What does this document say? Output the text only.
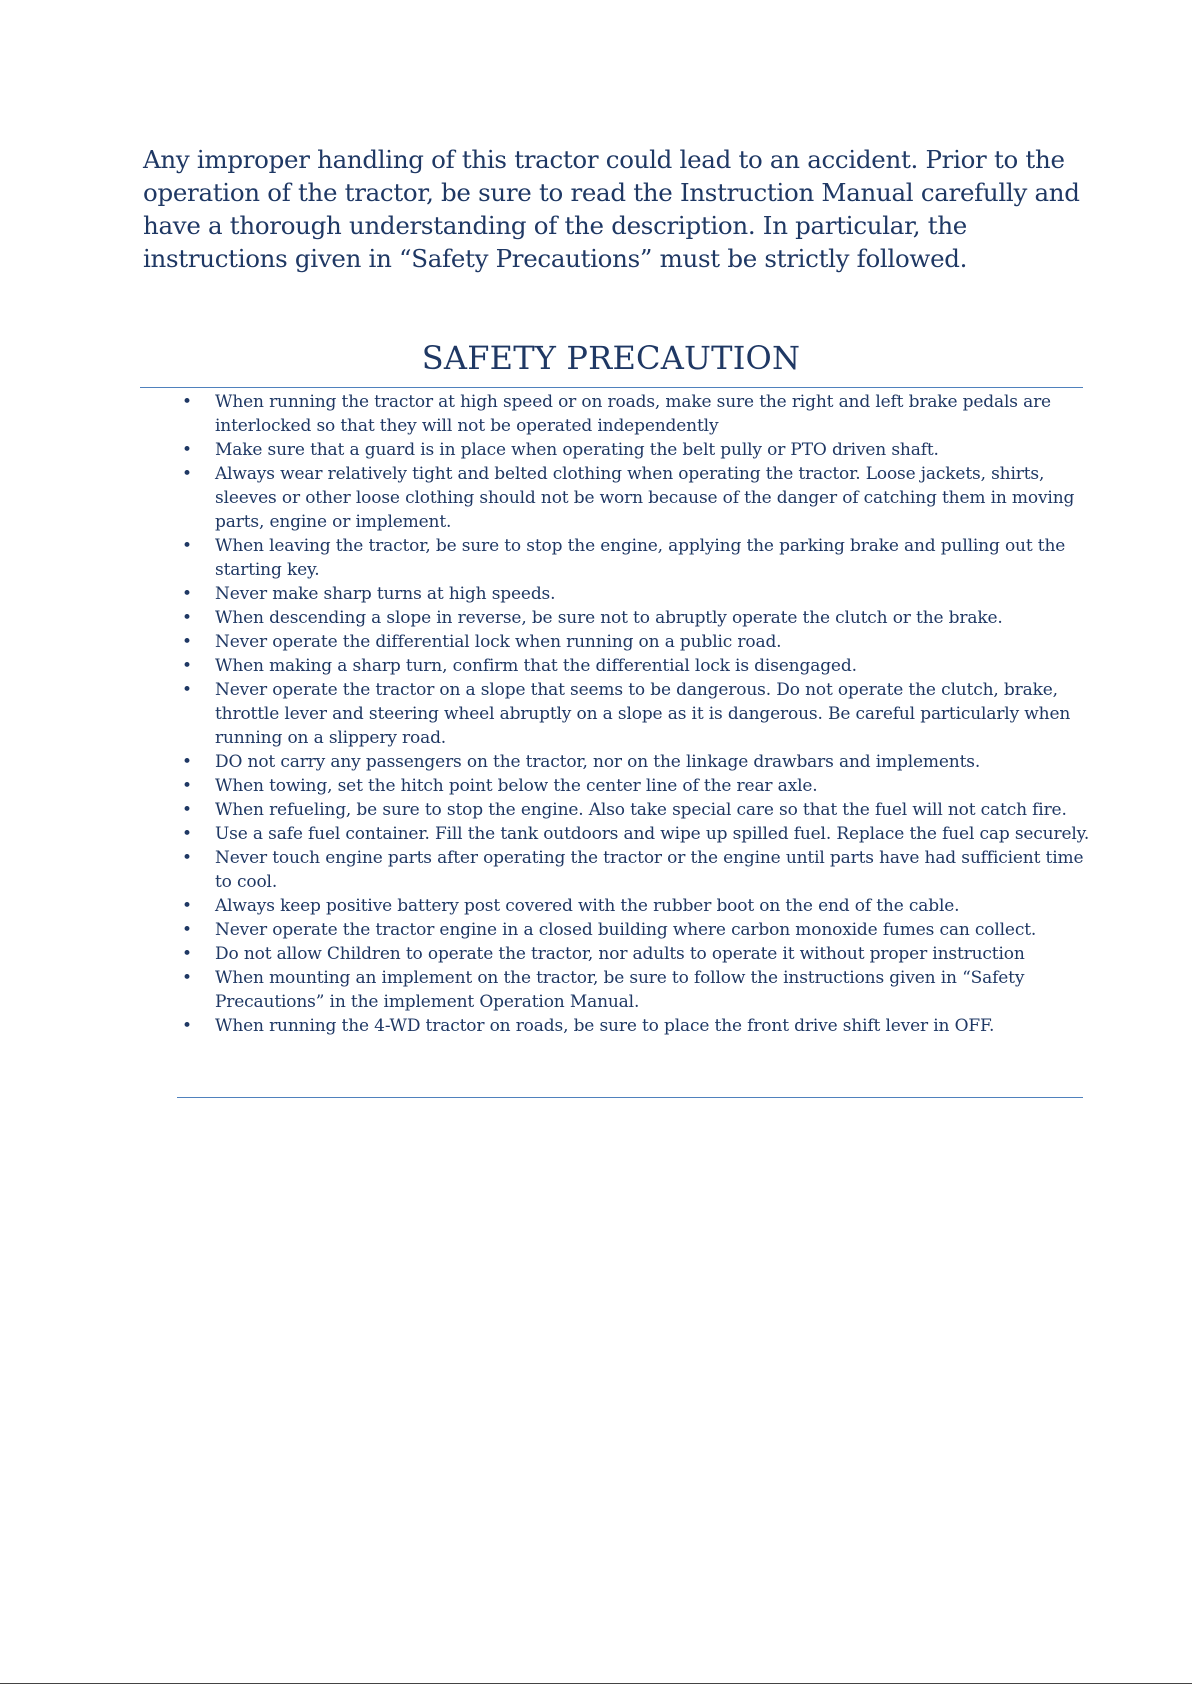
Any improper handling of this tractor could lead to an accident. Prior to the operation of the tractor, be sure to read the Instruction Manual carefully and have a thorough understanding of the description. In particular, the instructions given in “Safety Precautions” must be strictly followed.

SAFETY PRECAUTION
• When running the tractor at high speed or on roads, make sure the right and left brake pedals are interlocked so that they will not be operated independently
• Make sure that a guard is in place when operating the belt pully or PTO driven shaft.
• Always wear relatively tight and belted clothing when operating the tractor. Loose jackets, shirts, sleeves or other loose clothing should not be worn because of the danger of catching them in moving parts, engine or implement.
• When leaving the tractor, be sure to stop the engine, applying the parking brake and pulling out the starting key.
• Never make sharp turns at high speeds.
• When descending a slope in reverse, be sure not to abruptly operate the clutch or the brake.
• Never operate the differential lock when running on a public road.
• When making a sharp turn, confirm that the differential lock is disengaged.
• Never operate the tractor on a slope that seems to be dangerous. Do not operate the clutch, brake, throttle lever and steering wheel abruptly on a slope as it is dangerous. Be careful particularly when running on a slippery road.
• DO not carry any passengers on the tractor, nor on the linkage drawbars and implements.
• When towing, set the hitch point below the center line of the rear axle.
• When refueling, be sure to stop the engine. Also take special care so that the fuel will not catch fire.
• Use a safe fuel container. Fill the tank outdoors and wipe up spilled fuel. Replace the fuel cap securely.
• Never touch engine parts after operating the tractor or the engine until parts have had sufficient time to cool.
• Always keep positive battery post covered with the rubber boot on the end of the cable.
• Never operate the tractor engine in a closed building where carbon monoxide fumes can collect.
• Do not allow Children to operate the tractor, nor adults to operate it without proper instruction
• When mounting an implement on the tractor, be sure to follow the instructions given in “Safety Precautions” in the implement Operation Manual.
• When running the 4-WD tractor on roads, be sure to place the front drive shift lever in OFF.
